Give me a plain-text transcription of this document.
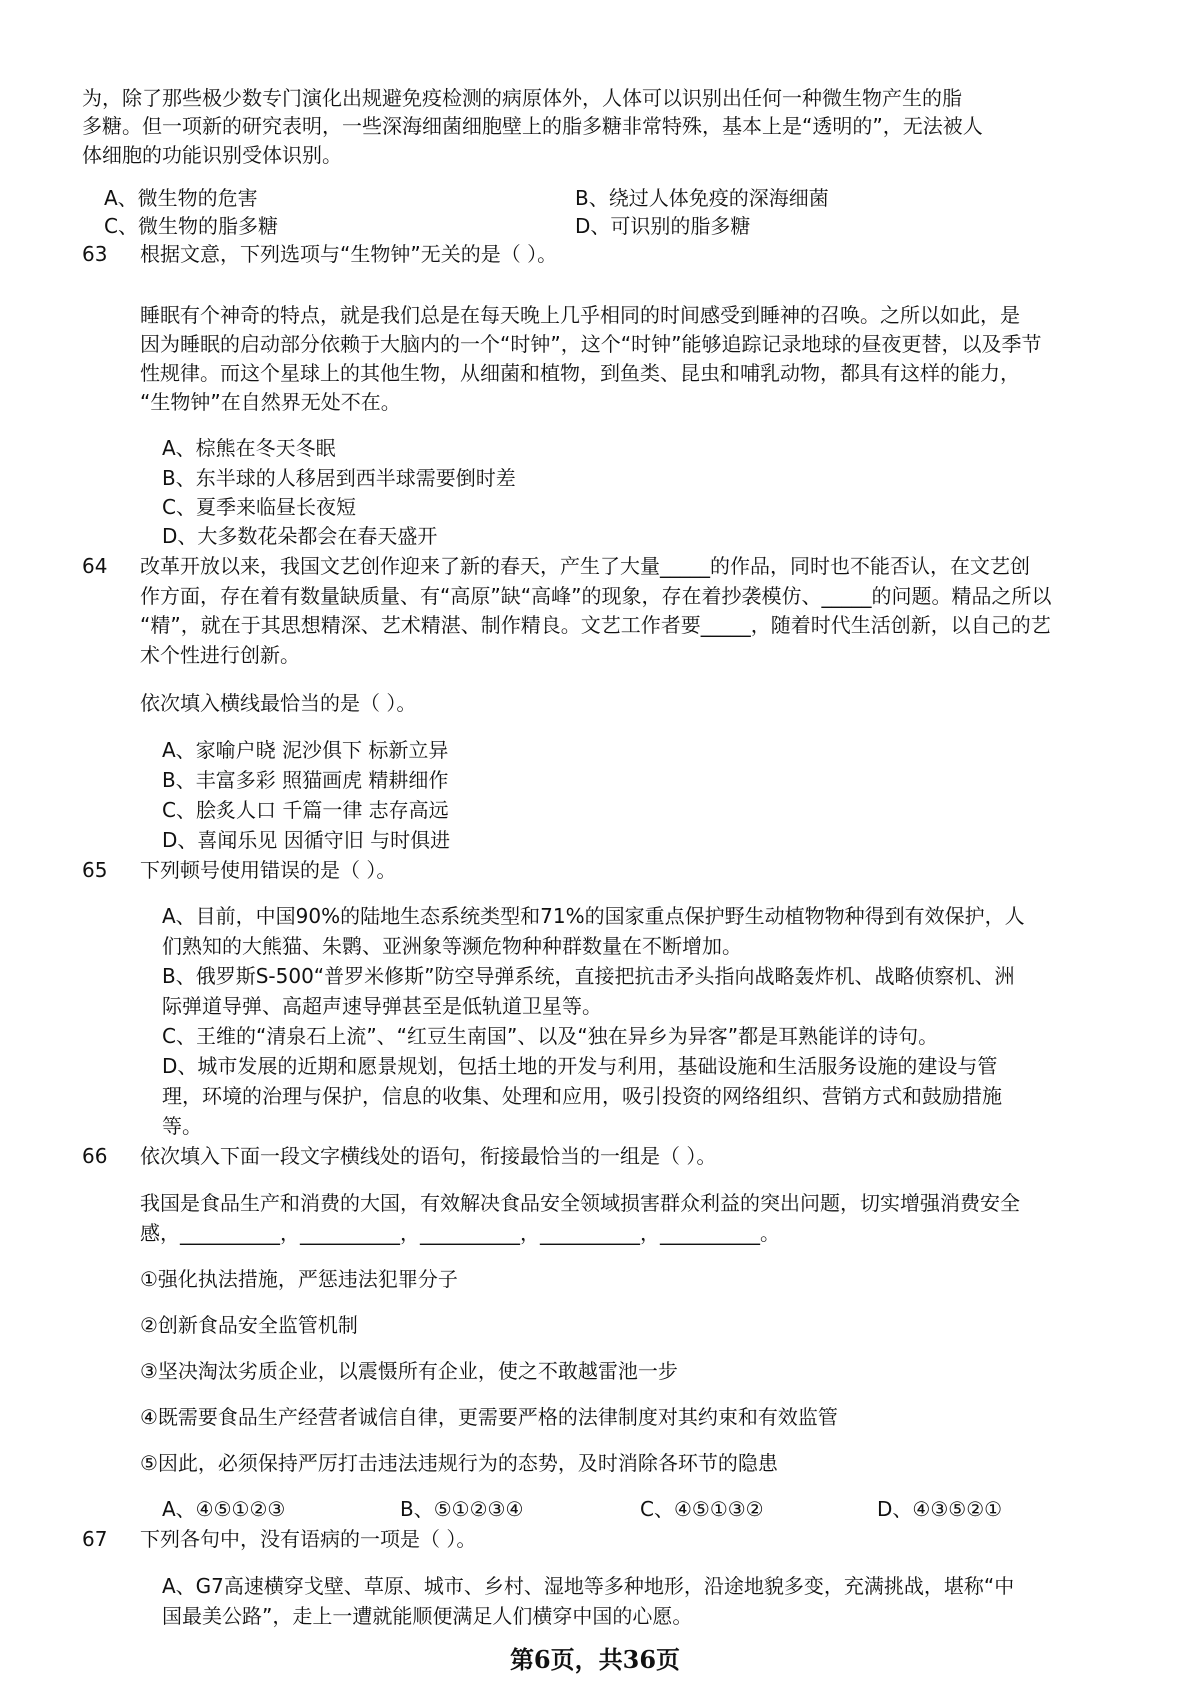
为，除了那些极少数专门演化出规避免疫检测的病原体外，人体可以识别出任何一种微生物产生的脂
多糖。但一项新的研究表明，一些深海细菌细胞壁上的脂多糖非常特殊，基本上是“透明的”，无法被人
体细胞的功能识别受体识别。
A、微生物的危害	B、绕过人体免疫的深海细菌
C、微生物的脂多糖	D、可识别的脂多糖
63 根据文意，下列选项与“生物钟”无关的是（ ）。
睡眠有个神奇的特点，就是我们总是在每天晚上几乎相同的时间感受到睡神的召唤。之所以如此，是
因为睡眠的启动部分依赖于大脑内的一个“时钟”，这个“时钟”能够追踪记录地球的昼夜更替，以及季节
性规律。而这个星球上的其他生物，从细菌和植物，到鱼类、昆虫和哺乳动物，都具有这样的能力，
“生物钟”在自然界无处不在。
A、棕熊在冬天冬眠
B、东半球的人移居到西半球需要倒时差
C、夏季来临昼长夜短
D、大多数花朵都会在春天盛开
64 改革开放以来，我国文艺创作迎来了新的春天，产生了大量_____的作品，同时也不能否认，在文艺创
作方面，存在着有数量缺质量、有“高原”缺“高峰”的现象，存在着抄袭模仿、_____的问题。精品之所以
“精”，就在于其思想精深、艺术精湛、制作精良。文艺工作者要_____，随着时代生活创新，以自己的艺
术个性进行创新。
依次填入横线最恰当的是（ ）。
A、家喻户晓 泥沙俱下 标新立异
B、丰富多彩 照猫画虎 精耕细作
C、脍炙人口 千篇一律 志存高远
D、喜闻乐见 因循守旧 与时俱进
65 下列顿号使用错误的是（ ）。
A、目前，中国90%的陆地生态系统类型和71%的国家重点保护野生动植物物种得到有效保护，人
们熟知的大熊猫、朱鹮、亚洲象等濒危物种种群数量在不断增加。
B、俄罗斯S-500“普罗米修斯”防空导弹系统，直接把抗击矛头指向战略轰炸机、战略侦察机、洲
际弹道导弹、高超声速导弹甚至是低轨道卫星等。
C、王维的“清泉石上流”、“红豆生南国”、以及“独在异乡为异客”都是耳熟能详的诗句。
D、城市发展的近期和愿景规划，包括土地的开发与利用，基础设施和生活服务设施的建设与管
理，环境的治理与保护，信息的收集、处理和应用，吸引投资的网络组织、营销方式和鼓励措施
等。
66 依次填入下面一段文字横线处的语句，衔接最恰当的一组是（ ）。
我国是食品生产和消费的大国，有效解决食品安全领域损害群众利益的突出问题，切实增强消费安全
感，__________，__________，__________，__________，__________。
①强化执法措施，严惩违法犯罪分子
②创新食品安全监管机制
③坚决淘汰劣质企业，以震慑所有企业，使之不敢越雷池一步
④既需要食品生产经营者诚信自律，更需要严格的法律制度对其约束和有效监管
⑤因此，必须保持严厉打击违法违规行为的态势，及时消除各环节的隐患
A、④⑤①②③	B、⑤①②③④	C、④⑤①③②	D、④③⑤②①
67 下列各句中，没有语病的一项是（ ）。
A、G7高速横穿戈壁、草原、城市、乡村、湿地等多种地形，沿途地貌多变，充满挑战，堪称“中
国最美公路”，走上一遭就能顺便满足人们横穿中国的心愿。
第6页，共36页
